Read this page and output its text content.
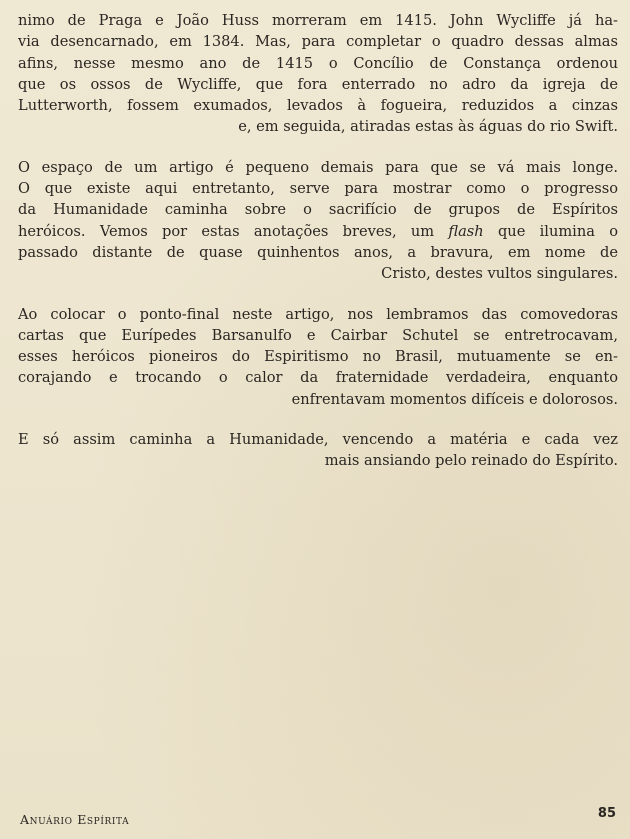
nimo de Praga e João Huss morreram em 1415. John Wycliffe já ha-
via desencarnado, em 1384. Mas, para completar o quadro dessas almas
afins, nesse mesmo ano de 1415 o Concílio de Constança ordenou
que os ossos de Wycliffe, que fora enterrado no adro da igreja de
Lutterworth, fossem exumados, levados à fogueira, reduzidos a cinzas
e, em seguida, atiradas estas às águas do rio Swift.
O espaço de um artigo é pequeno demais para que se vá mais longe.
O que existe aqui entretanto, serve para mostrar como o progresso
da Humanidade caminha sobre o sacrifício de grupos de Espíritos
heróicos. Vemos por estas anotações breves, um flash que ilumina o
passado distante de quase quinhentos anos, a bravura, em nome de
Cristo, destes vultos singulares.
Ao colocar o ponto-final neste artigo, nos lembramos das comovedoras
cartas que Eurípedes Barsanulfo e Cairbar Schutel se entretrocavam,
esses heróicos pioneiros do Espiritismo no Brasil, mutuamente se en-
corajando e trocando o calor da fraternidade verdadeira, enquanto
enfrentavam momentos difíceis e dolorosos.
E só assim caminha a Humanidade, vencendo a matéria e cada vez
mais ansiando pelo reinado do Espírito.
Anuário Espírita	85
